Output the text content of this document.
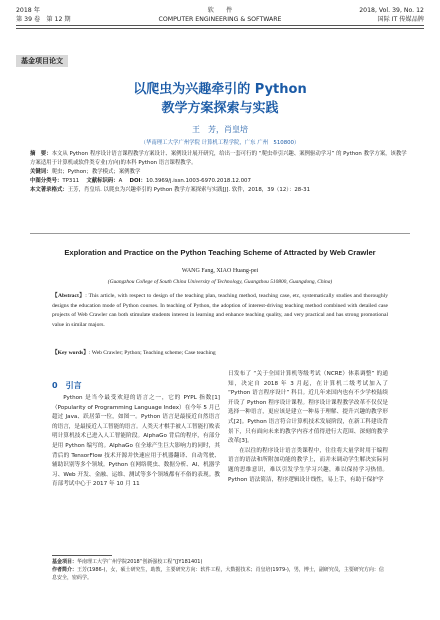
2018 年
第 39 卷　第 12 期
软　　件
COMPUTER ENGINEERING & SOFTWARE
2018, Vol. 39, No. 12
国际 IT 传媒品牌
基金项目论文
以爬虫为兴趣牵引的 Python
教学方案探索与实践
王　芳，肖皇培
（华南理工大学广州学院 计算机工程学院，广东 广州　510800）

摘　要：本文从 Python 程序设计语言课程教学方案设计、案例设计展开研究，给出一套可行的 “爬虫牵引兴趣、案例驱动学习” 的 Python 教学方案，该教学方案适用于计算机或软件类专业(方向)的本科 Python 语言课程教学。

关键词：爬虫；Python；教学模式；案例教学

中图分类号：TP311  文献标识码：A  DOI：10.3969/j.issn.1003-6970.2018.12.007

本文著录格式：王芳，肖皇培. 以爬虫为兴趣牵引的 Python 教学方案探索与实践[J]. 软件，2018，39（12）：28-31

Exploration and Practice on the Python Teaching Scheme of Attracted by Web Crawler
WANG Fang, XIAO Huang-pei
(Guangzhou College of South China University of Technology, Guangzhou 510800, Guangdong, China)
【Abstract】: This article, with respect to design of the teaching plan, teaching method, teaching case, etc, systematically studies and thoroughly designs the education mode of Python courses. In teaching of Python, the adoption of interest-driving teaching method combined with detailed case projects of Web Crawler can both stimulate students interest in learning and enhance teaching quality, and very practical and has strong promotional value in similar majors.
【Key words】: Web Crawler; Python; Teaching scheme; Case teaching
0　引言

Python 是当今最受欢迎的语言之一，它的 PYPL 指数[1]（Popularity of Programming Language Index）在今年 5 月已超过 Java、跃居第一位，如图一。Python 语言是最接近自然语言的语言，是最接近人工智能的语言。人类天才棋手被人工智能打败表明计算机技术已进入人工智能阶段。AlphaGo 背后的程序，有部分是用 Python 编写的。AlphaGo 在全球产生巨大影响力的同时，其背后的 TensorFlow 技术开源并快速应用于机器翻译、自动驾驶、辅助识别等多个领域。Python 在网络爬虫、数据分析、AI、机器学习、Web 开发、金融、运维、测试等多个领域都有不俗的表现。教育部考试中心于 2017 年 10 月 11

日发布了 “关于全国计算机等级考试（NCRE）体系调整” 的通知，决定自 2018 年 3 月起，在计算机二级考试加入了 “Python 语言程序设计” 科目。近几年来国内也有不少学校陆续开设了 Python 程序设计课程。程序设计课程教学改革不仅仅是选择一种语言，更应该是建立一种易于理解、提升兴趣的教学形式[2]。Python 语言符合计算机技术发展阶段，在新工科建设背景下，只有面向未来的教学内容才值得进行大范围、深刻的教学改革[3]。

在以往的程序设计语言类课程中，往往将大量学时用于编程语言的语法和所附加功能的教学上，而并未调动学生解决实际问题的思维意识，难以引发学生学习兴趣，难以保持学习热情。Python 语法简洁，程序逻辑设计线性，易上手，有助于保护学

基金项目：华南理工大学广州学院2018“创新强校工程”(JY181401)
作者简介：王芳(1986-)，女，硕士研究生，助教，主要研究方向：软件工程，大数据技术；肖皇培(1979-)，男，博士，副研究员，主要研究方向：信息安全，密码学。
